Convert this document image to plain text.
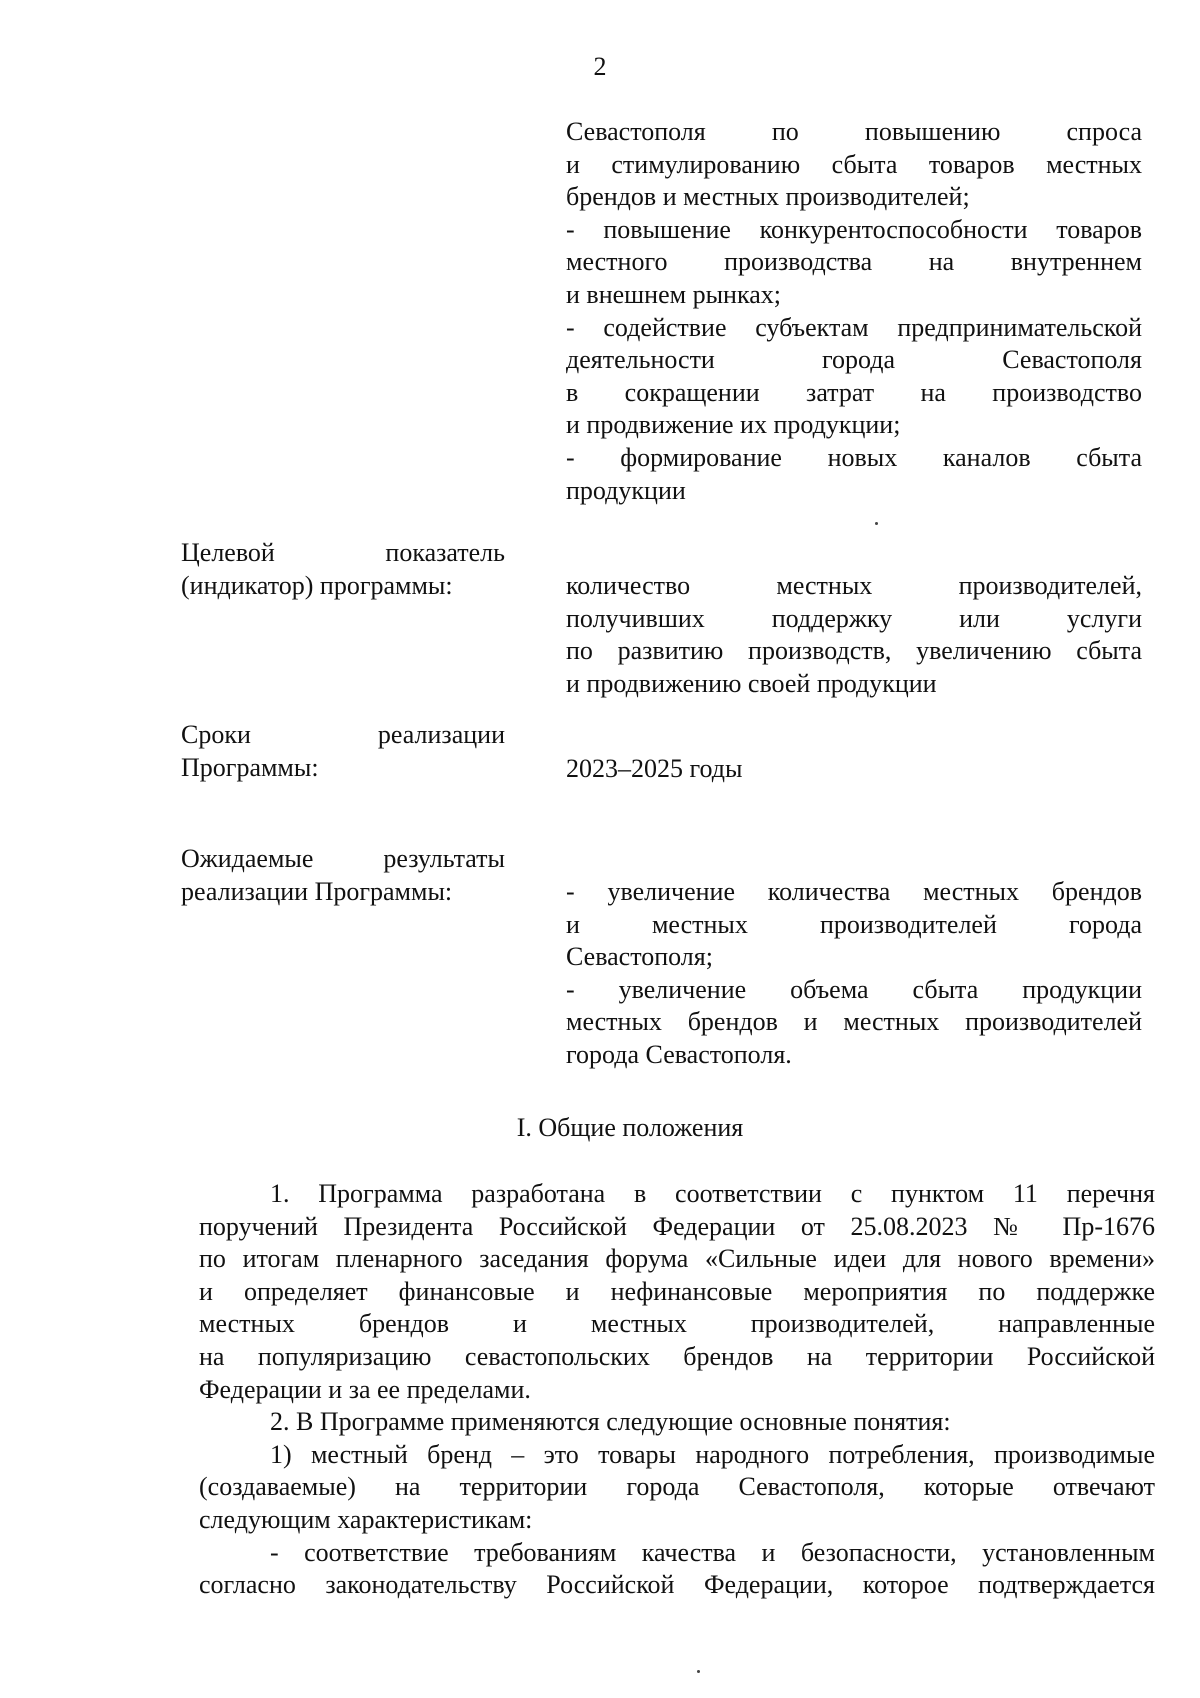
2
Севастополя по повышению спроса
и стимулированию сбыта товаров местных
брендов и местных производителей;
- повышение конкурентоспособности товаров
местного производства на внутреннем
и внешнем рынках;
- содействие субъектам предпринимательской
деятельности города Севастополя
в сокращении затрат на производство
и продвижение их продукции;
- формирование новых каналов сбыта
продукции
Целевой показатель
(индикатор) программы:	количество местных производителей,
получивших поддержку или услуги
по развитию производств, увеличению сбыта
и продвижению своей продукции
Сроки реализации
Программы:	2023–2025 годы
Ожидаемые результаты
реализации Программы:	- увеличение количества местных брендов
и местных производителей города
Севастополя;
- увеличение объема сбыта продукции
местных брендов и местных производителей
города Севастополя.
I. Общие положения
1. Программа разработана в соответствии с пунктом 11 перечня
поручений Президента Российской Федерации от 25.08.2023 № Пр-1676
по итогам пленарного заседания форума «Сильные идеи для нового времени»
и определяет финансовые и нефинансовые мероприятия по поддержке
местных брендов и местных производителей, направленные
на популяризацию севастопольских брендов на территории Российской
Федерации и за ее пределами.
2. В Программе применяются следующие основные понятия:
1) местный бренд – это товары народного потребления, производимые
(создаваемые) на территории города Севастополя, которые отвечают
следующим характеристикам:
- соответствие требованиям качества и безопасности, установленным
согласно законодательству Российской Федерации, которое подтверждается
